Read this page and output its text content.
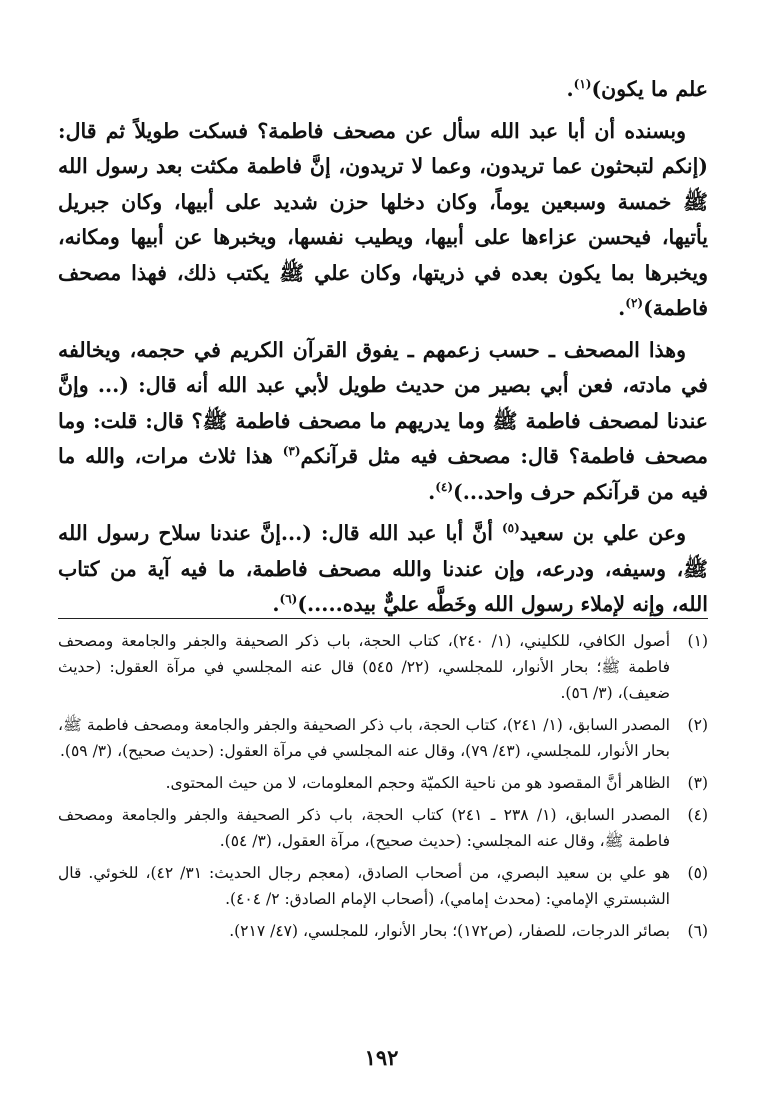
علم ما يكون)$^{(١)}$.

وبسنده أن أبا عبد الله سأل عن مصحف فاطمة؟ فسكت طويلاً ثم قال: (إنكم لتبحثون عما تريدون، وعما لا تريدون، إنَّ فاطمة مكثت بعد رسول الله ﷺ خمسة وسبعين يوماً، وكان دخلها حزن شديد على أبيها، وكان جبريل يأتيها، فيحسن عزاءها على أبيها، ويطيب نفسها، ويخبرها عن أبيها ومكانه، ويخبرها بما يكون بعده في ذريتها، وكان علي ﷺ يكتب ذلك، فهذا مصحف فاطمة)$^{(٢)}$.

وهذا المصحف ـ حسب زعمهم ـ يفوق القرآن الكريم في حجمه، ويخالفه في مادته، فعن أبي بصير من حديث طويل لأبي عبد الله أنه قال: (... وإنَّ عندنا لمصحف فاطمة ﷺ وما يدريهم ما مصحف فاطمة ﷺ؟ قال: قلت: وما مصحف فاطمة؟ قال: مصحف فيه مثل قرآنكم$^{(٣)}$ هذا ثلاث مرات، والله ما فيه من قرآنكم حرف واحد...)$^{(٤)}$.

وعن علي بن سعيد$^{(٥)}$ أنَّ أبا عبد الله قال: (...إنَّ عندنا سلاح رسول الله ﷺ، وسيفه، ودرعه، وإن عندنا والله مصحف فاطمة، ما فيه آية من كتاب الله، وإنه لإملاء رسول الله وخَطَّه عليٌّ بيده.....)$^{(٦)}$.

(١)
أصول الكافي، للكليني، (١/ ٢٤٠)، كتاب الحجة، باب ذكر الصحيفة والجفر والجامعة ومصحف فاطمة ﷺ؛ بحار الأنوار، للمجلسي، (٢٢/ ٥٤٥) قال عنه المجلسي في مرآة العقول: (حديث ضعيف)، (٣/ ٥٦).
(٢)
المصدر السابق، (١/ ٢٤١)، كتاب الحجة، باب ذكر الصحيفة والجفر والجامعة ومصحف فاطمة ﷺ، بحار الأنوار، للمجلسي، (٤٣/ ٧٩)، وقال عنه المجلسي في مرآة العقول: (حديث صحيح)، (٣/ ٥٩).
(٣)
الظاهر أنَّ المقصود هو من ناحية الكميّة وحجم المعلومات، لا من حيث المحتوى.
(٤)
المصدر السابق، (١/ ٢٣٨ ـ ٢٤١) كتاب الحجة، باب ذكر الصحيفة والجفر والجامعة ومصحف فاطمة ﷺ، وقال عنه المجلسي: (حديث صحيح)، مرآة العقول، (٣/ ٥٤).
(٥)
هو علي بن سعيد البصري، من أصحاب الصادق، (معجم رجال الحديث: ٣١/ ٤٢)، للخوئي. قال الشبستري الإمامي: (محدث إمامي)، (أصحاب الإمام الصادق: ٢/ ٤٠٤).
(٦)
بصائر الدرجات، للصفار، (ص١٧٢)؛ بحار الأنوار، للمجلسي، (٤٧/ ٢١٧).
١٩٢
